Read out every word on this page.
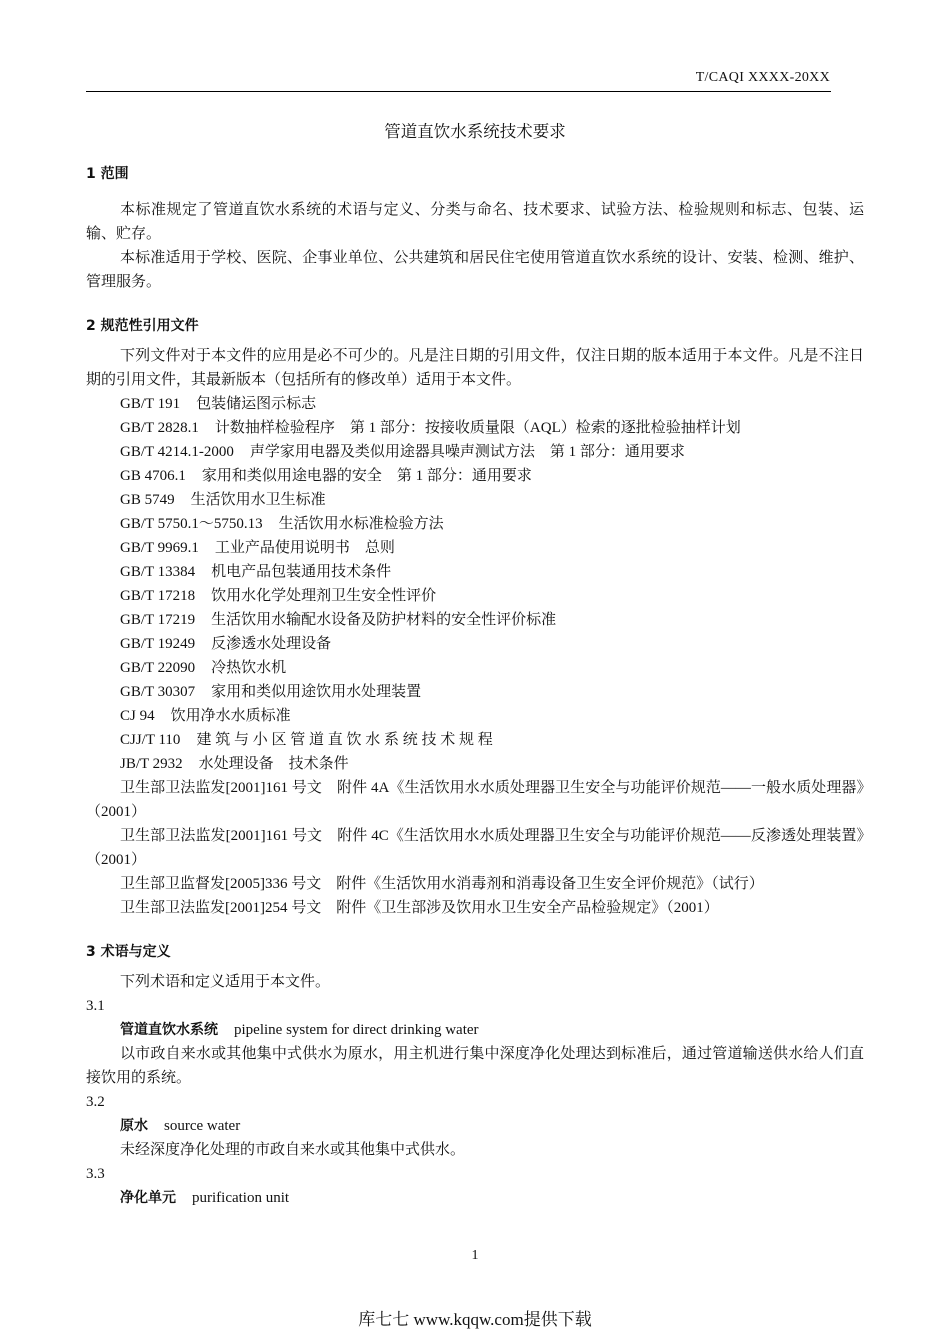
T/CAQI XXXX-20XX
管道直饮水系统技术要求

1 范围

本标准规定了管道直饮水系统的术语与定义、分类与命名、技术要求、试验方法、检验规则和标志、包装、运输、贮存。

本标准适用于学校、医院、企事业单位、公共建筑和居民住宅使用管道直饮水系统的设计、安装、检测、维护、管理服务。

2 规范性引用文件

下列文件对于本文件的应用是必不可少的。凡是注日期的引用文件，仅注日期的版本适用于本文件。凡是不注日期的引用文件，其最新版本（包括所有的修改单）适用于本文件。

GB/T 191 包装储运图示标志

GB/T 2828.1 计数抽样检验程序　第 1 部分：按接收质量限（AQL）检索的逐批检验抽样计划

GB/T 4214.1-2000 声学家用电器及类似用途器具噪声测试方法　第 1 部分：通用要求

GB 4706.1 家用和类似用途电器的安全　第 1 部分：通用要求

GB 5749 生活饮用水卫生标准

GB/T 5750.1～5750.13 生活饮用水标准检验方法

GB/T 9969.1 工业产品使用说明书　总则

GB/T 13384 机电产品包装通用技术条件

GB/T 17218 饮用水化学处理剂卫生安全性评价

GB/T 17219 生活饮用水输配水设备及防护材料的安全性评价标准

GB/T 19249 反渗透水处理设备

GB/T 22090 冷热饮水机

GB/T 30307 家用和类似用途饮用水处理装置

CJ 94 饮用净水水质标准

CJJ/T 110 建 筑 与 小 区 管 道 直 饮 水 系 统 技 术 规 程

JB/T 2932 水处理设备　技术条件

卫生部卫法监发[2001]161 号文　附件 4A《生活饮用水水质处理器卫生安全与功能评价规范——一般水质处理器》（2001）

卫生部卫法监发[2001]161 号文　附件 4C《生活饮用水水质处理器卫生安全与功能评价规范——反渗透处理装置》（2001）

卫生部卫监督发[2005]336 号文　附件《生活饮用水消毒剂和消毒设备卫生安全评价规范》（试行）

卫生部卫法监发[2001]254 号文　附件《卫生部涉及饮用水卫生安全产品检验规定》（2001）

3 术语与定义

下列术语和定义适用于本文件。

3.1

管道直饮水系统 pipeline system for direct drinking water

以市政自来水或其他集中式供水为原水，用主机进行集中深度净化处理达到标准后，通过管道输送供水给人们直接饮用的系统。

3.2

原水 source water

未经深度净化处理的市政自来水或其他集中式供水。

3.3

净化单元 purification unit

1
库七七 www.kqqw.com提供下载
